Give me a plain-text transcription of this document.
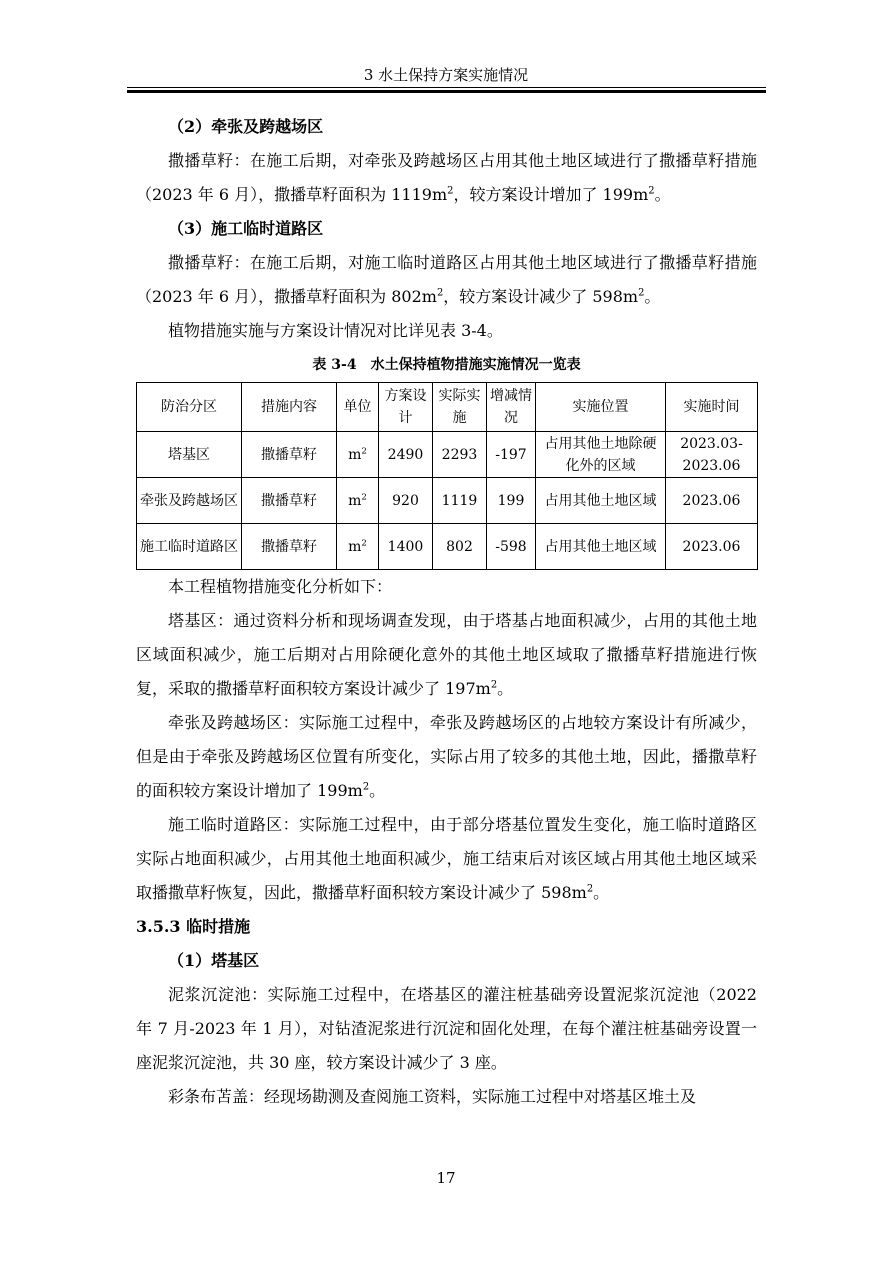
3 水土保持方案实施情况

（2）牵张及跨越场区

撒播草籽：在施工后期，对牵张及跨越场区占用其他土地区域进行了撒播草籽措施（2023 年 6 月），撒播草籽面积为 $1119m^2$，较方案设计增加了 $199m^2$。

（3）施工临时道路区

撒播草籽：在施工后期，对施工临时道路区占用其他土地区域进行了撒播草籽措施（2023 年 6 月），撒播草籽面积为 $802m^2$，较方案设计减少了 $598m^2$。

植物措施实施与方案设计情况对比详见表 3-4。

表 3-4　水土保持植物措施实施情况一览表

防治分区	措施内容	单位	方案设计	实际实施	增减情况	实施位置	实施时间
塔基区	撒播草籽	$m^2$	2490	2293	-197	占用其他土地除硬化外的区域	2023.03-2023.06
牵张及跨越场区	撒播草籽	$m^2$	920	1119	199	占用其他土地区域	2023.06
施工临时道路区	撒播草籽	$m^2$	1400	802	-598	占用其他土地区域	2023.06

本工程植物措施变化分析如下：

塔基区：通过资料分析和现场调查发现，由于塔基占地面积减少，占用的其他土地区域面积减少，施工后期对占用除硬化意外的其他土地区域取了撒播草籽措施进行恢复，采取的撒播草籽面积较方案设计减少了 $197m^2$。

牵张及跨越场区：实际施工过程中，牵张及跨越场区的占地较方案设计有所减少，但是由于牵张及跨越场区位置有所变化，实际占用了较多的其他土地，因此，播撒草籽的面积较方案设计增加了 $199m^2$。

施工临时道路区：实际施工过程中，由于部分塔基位置发生变化，施工临时道路区实际占地面积减少，占用其他土地面积减少，施工结束后对该区域占用其他土地区域采取播撒草籽恢复，因此，撒播草籽面积较方案设计减少了 $598m^2$。

3.5.3 临时措施

（1）塔基区

泥浆沉淀池：实际施工过程中，在塔基区的灌注桩基础旁设置泥浆沉淀池（2022 年 7 月-2023 年 1 月），对钻渣泥浆进行沉淀和固化处理，在每个灌注桩基础旁设置一座泥浆沉淀池，共 30 座，较方案设计减少了 3 座。

彩条布苫盖：经现场勘测及查阅施工资料，实际施工过程中对塔基区堆土及

17
